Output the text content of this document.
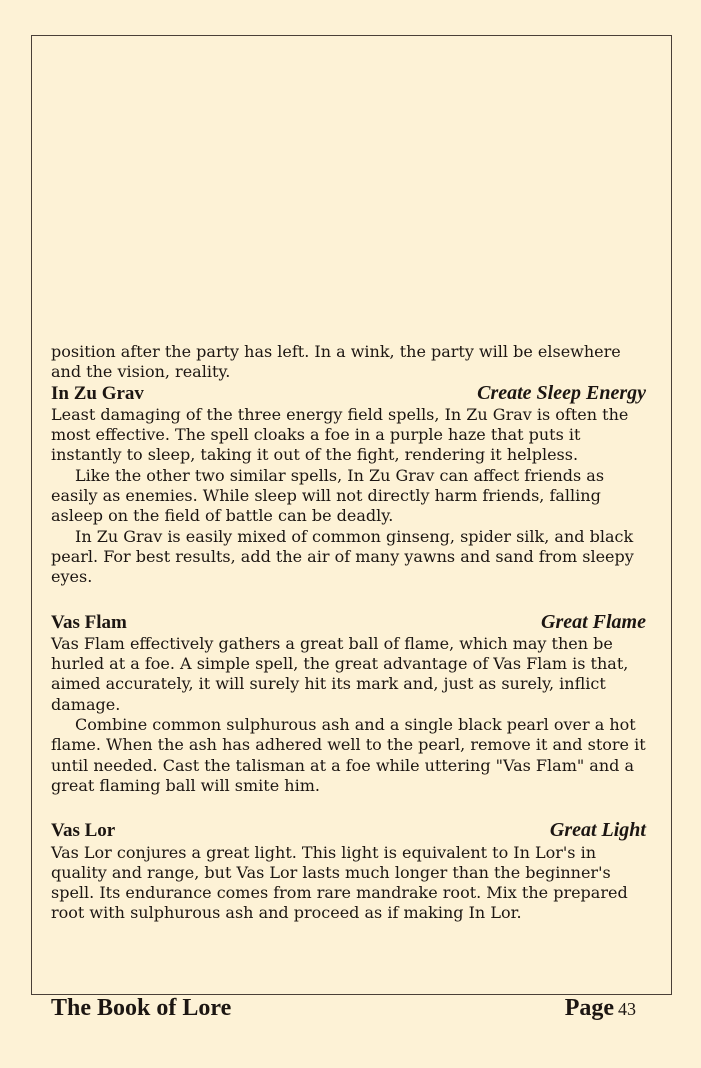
position after the party has left. In a wink, the party will be elsewhere and the vision, reality.

In Zu Grav	Create Sleep Energy

Least damaging of the three energy field spells, In Zu Grav is often the most effective. The spell cloaks a foe in a purple haze that puts it instantly to sleep, taking it out of the fight, rendering it helpless.

Like the other two similar spells, In Zu Grav can affect friends as easily as enemies. While sleep will not directly harm friends, falling asleep on the field of battle can be deadly.

In Zu Grav is easily mixed of common ginseng, spider silk, and black pearl. For best results, add the air of many yawns and sand from sleepy eyes.

Vas Flam	Great Flame

Vas Flam effectively gathers a great ball of flame, which may then be hurled at a foe. A simple spell, the great advantage of Vas Flam is that, aimed accurately, it will surely hit its mark and, just as surely, inflict damage.

Combine common sulphurous ash and a single black pearl over a hot flame. When the ash has adhered well to the pearl, remove it and store it until needed. Cast the talisman at a foe while uttering "Vas Flam" and a great flaming ball will smite him.

Vas Lor	Great Light

Vas Lor conjures a great light. This light is equivalent to In Lor's in quality and range, but Vas Lor lasts much longer than the beginner's spell. Its endurance comes from rare mandrake root. Mix the prepared root with sulphurous ash and proceed as if making In Lor.

The Book of Lore	Page 43
